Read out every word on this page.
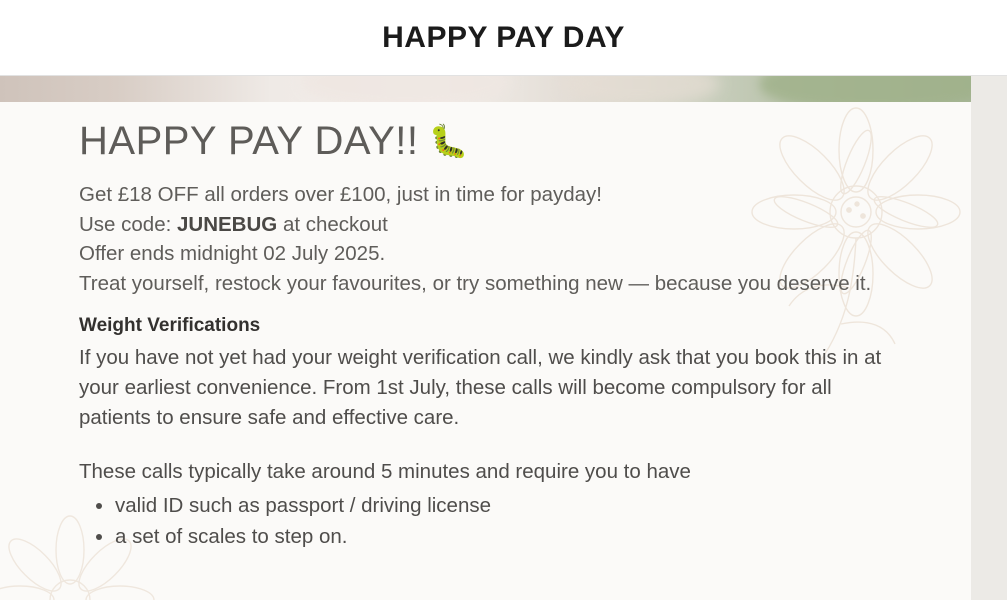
HAPPY PAY DAY
HAPPY PAY DAY!! 🐛
Get £18 OFF all orders over £100, just in time for payday!
Use code: JUNEBUG at checkout
Offer ends midnight 02 July 2025.
Treat yourself, restock your favourites, or try something new — because you deserve it.
Weight Verifications

If you have not yet had your weight verification call, we kindly ask that you book this in at your earliest convenience. From 1st July, these calls will become compulsory for all patients to ensure safe and effective care.

These calls typically take around 5 minutes and require you to have

• valid ID such as passport / driving license
• a set of scales to step on.
